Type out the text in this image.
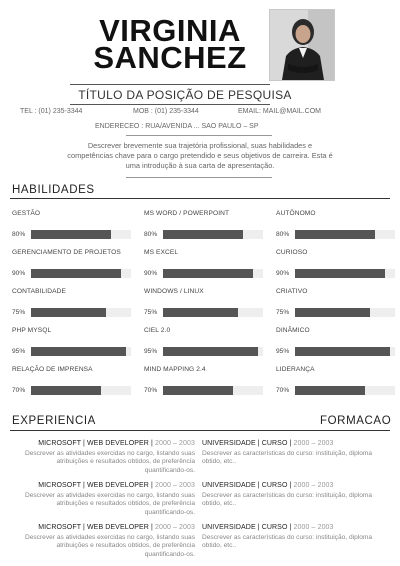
VIRGINIA
SANCHEZ
TÍTULO DA POSIÇÃO DE PESQUISA
TEL : (01) 235-3344	MOB : (01) 235-3344	EMAIL: MAIL@MAIL.COM
ENDERECEO : RUA/AVENIDA ... SAO PAULO – SP
Descrever brevemente sua trajetória profissional, suas habilidades e
competências chave para o cargo pretendido e seus objetivos de carreira. Esta é
uma introdução à sua carta de apresentação.
HABILIDADES
GESTÃO
80%
GERENCIAMENTO DE PROJETOS
90%
CONTABILIDADE
75%
PHP MYSQL
95%
RELAÇÃO DE IMPRENSA
70%
MS WORD / POWERPOINT
80%
MS EXCEL
90%
WINDOWS / LINUX
75%
CIEL 2.0
95%
MIND MAPPING 2.4
70%
AUTÔNOMO
80%
CURIOSO
90%
CRIATIVO
75%
DINÂMICO
95%
LIDERANÇA
70%
EXPERIENCIA	FORMACAO
MICROSOFT | WEB DEVELOPER | 2000 – 2003
Descrever as atividades exercidas no cargo, listando suas
atribuições e resultados obtidos, de preferência
quantificando-os.
MICROSOFT | WEB DEVELOPER | 2000 – 2003
Descrever as atividades exercidas no cargo, listando suas
atribuições e resultados obtidos, de preferência
quantificando-os.
MICROSOFT | WEB DEVELOPER | 2000 – 2003
Descrever as atividades exercidas no cargo, listando suas
atribuições e resultados obtidos, de preferência
quantificando-os.
UNIVERSIDADE | CURSO | 2000 – 2003
Descrever as características do curso: instituição, diploma
obtido, etc..
UNIVERSIDADE | CURSO | 2000 – 2003
Descrever as características do curso: instituição, diploma
obtido, etc..
UNIVERSIDADE | CURSO | 2000 – 2003
Descrever as características do curso: instituição, diploma
obtido, etc..
